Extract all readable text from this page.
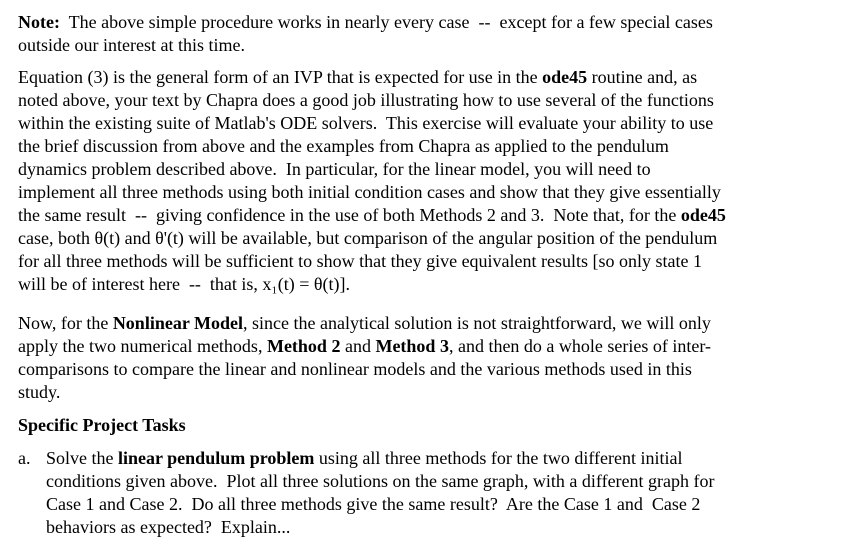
Note:  The above simple procedure works in nearly every case  --  except for a few special cases
outside our interest at this time.
Equation (3) is the general form of an IVP that is expected for use in the ode45 routine and, as
noted above, your text by Chapra does a good job illustrating how to use several of the functions
within the existing suite of Matlab's ODE solvers.  This exercise will evaluate your ability to use
the brief discussion from above and the examples from Chapra as applied to the pendulum
dynamics problem described above.  In particular, for the linear model, you will need to
implement all three methods using both initial condition cases and show that they give essentially
the same result  --  giving confidence in the use of both Methods 2 and 3.  Note that, for the ode45
case, both θ(t) and θ'(t) will be available, but comparison of the angular position of the pendulum
for all three methods will be sufficient to show that they give equivalent results [so only state 1
will be of interest here  --  that is, x₁(t) = θ(t)].
Now, for the Nonlinear Model, since the analytical solution is not straightforward, we will only
apply the two numerical methods, Method 2 and Method 3, and then do a whole series of inter-
comparisons to compare the linear and nonlinear models and the various methods used in this
study.
Specific Project Tasks
a. Solve the linear pendulum problem using all three methods for the two different initial
conditions given above.  Plot all three solutions on the same graph, with a different graph for
Case 1 and Case 2.  Do all three methods give the same result?  Are the Case 1 and  Case 2
behaviors as expected?  Explain...
